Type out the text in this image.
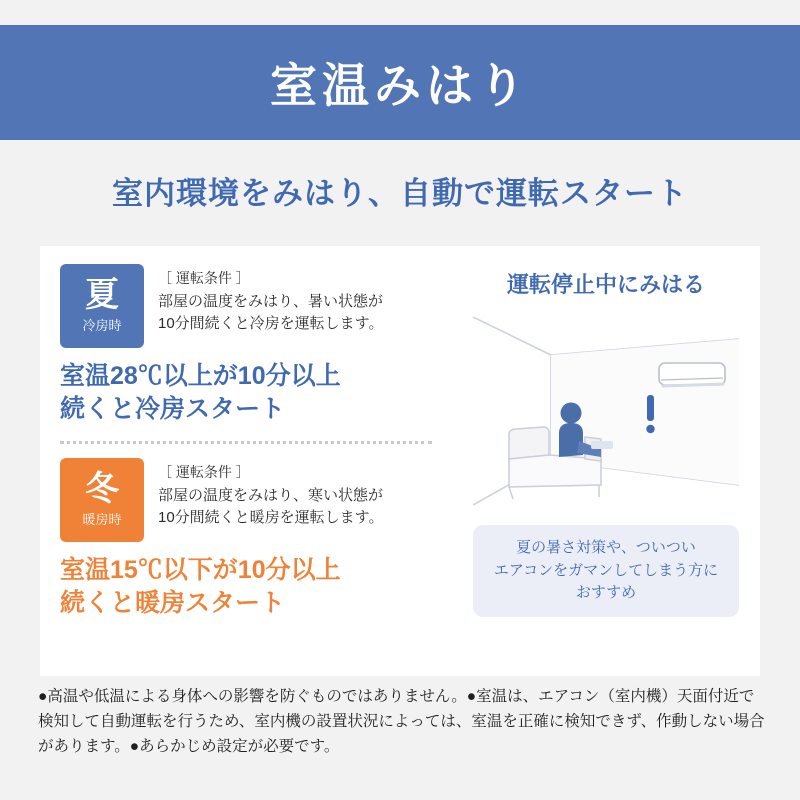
室温みはり
室内環境をみはり、自動で運転スタート
夏
冷房時
［ 運転条件 ］
部屋の温度をみはり、暑い状態が
10分間続くと冷房を運転します。
室温28℃以上が10分以上
続くと冷房スタート
冬
暖房時
［ 運転条件 ］
部屋の温度をみはり、寒い状態が
10分間続くと暖房を運転します。
室温15℃以下が10分以上
続くと暖房スタート
運転停止中にみはる
夏の暑さ対策や、ついつい
エアコンをガマンしてしまう方に
おすすめ
●高温や低温による身体への影響を防ぐものではありません。●室温は、エアコン（室内機）天面付近で
検知して自動運転を行うため、室内機の設置状況によっては、室温を正確に検知できず、作動しない場合
があります。●あらかじめ設定が必要です。
